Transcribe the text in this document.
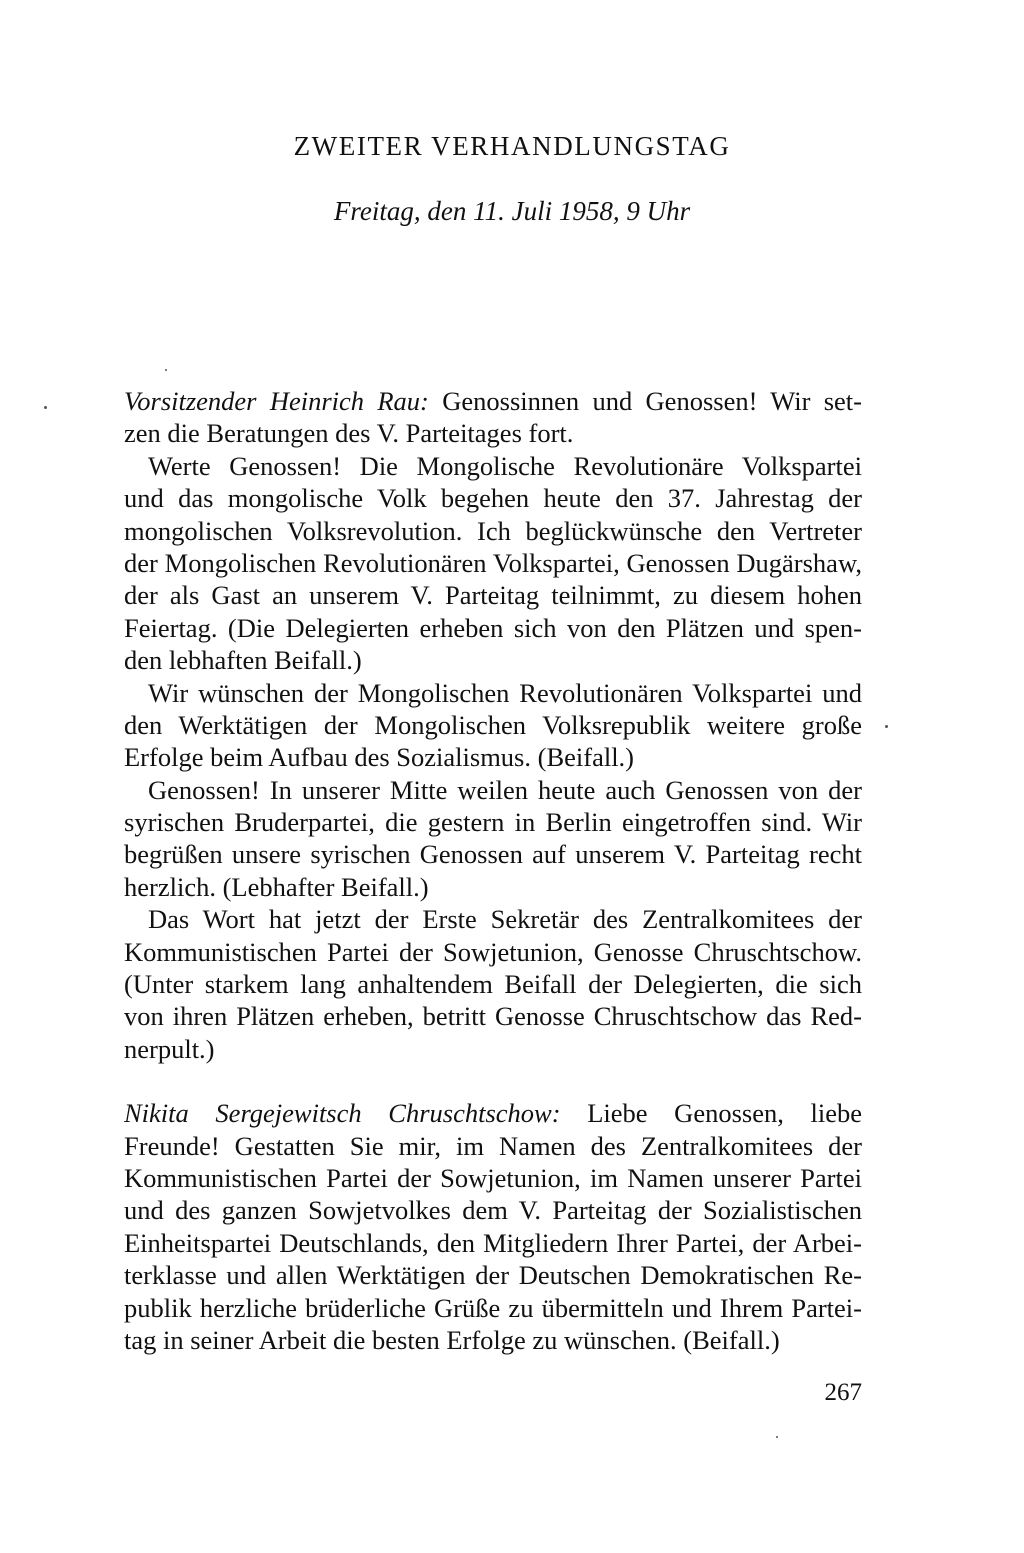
ZWEITER VERHANDLUNGSTAG
Freitag, den 11. Juli 1958, 9 Uhr
Vorsitzender Heinrich Rau: Genossinnen und Genossen! Wir set-
zen die Beratungen des V. Parteitages fort.
Werte Genossen! Die Mongolische Revolutionäre Volkspartei
und das mongolische Volk begehen heute den 37. Jahrestag der
mongolischen Volksrevolution. Ich beglückwünsche den Vertreter
der Mongolischen Revolutionären Volkspartei, Genossen Dugärshaw,
der als Gast an unserem V. Parteitag teilnimmt, zu diesem hohen
Feiertag. (Die Delegierten erheben sich von den Plätzen und spen-
den lebhaften Beifall.)
Wir wünschen der Mongolischen Revolutionären Volkspartei und
den Werktätigen der Mongolischen Volksrepublik weitere große
Erfolge beim Aufbau des Sozialismus. (Beifall.)
Genossen! In unserer Mitte weilen heute auch Genossen von der
syrischen Bruderpartei, die gestern in Berlin eingetroffen sind. Wir
begrüßen unsere syrischen Genossen auf unserem V. Parteitag recht
herzlich. (Lebhafter Beifall.)
Das Wort hat jetzt der Erste Sekretär des Zentralkomitees der
Kommunistischen Partei der Sowjetunion, Genosse Chruschtschow.
(Unter starkem lang anhaltendem Beifall der Delegierten, die sich
von ihren Plätzen erheben, betritt Genosse Chruschtschow das Red-
nerpult.)
Nikita Sergejewitsch Chruschtschow: Liebe Genossen, liebe
Freunde! Gestatten Sie mir, im Namen des Zentralkomitees der
Kommunistischen Partei der Sowjetunion, im Namen unserer Partei
und des ganzen Sowjetvolkes dem V. Parteitag der Sozialistischen
Einheitspartei Deutschlands, den Mitgliedern Ihrer Partei, der Arbei-
terklasse und allen Werktätigen der Deutschen Demokratischen Re-
publik herzliche brüderliche Grüße zu übermitteln und Ihrem Partei-
tag in seiner Arbeit die besten Erfolge zu wünschen. (Beifall.)
267
